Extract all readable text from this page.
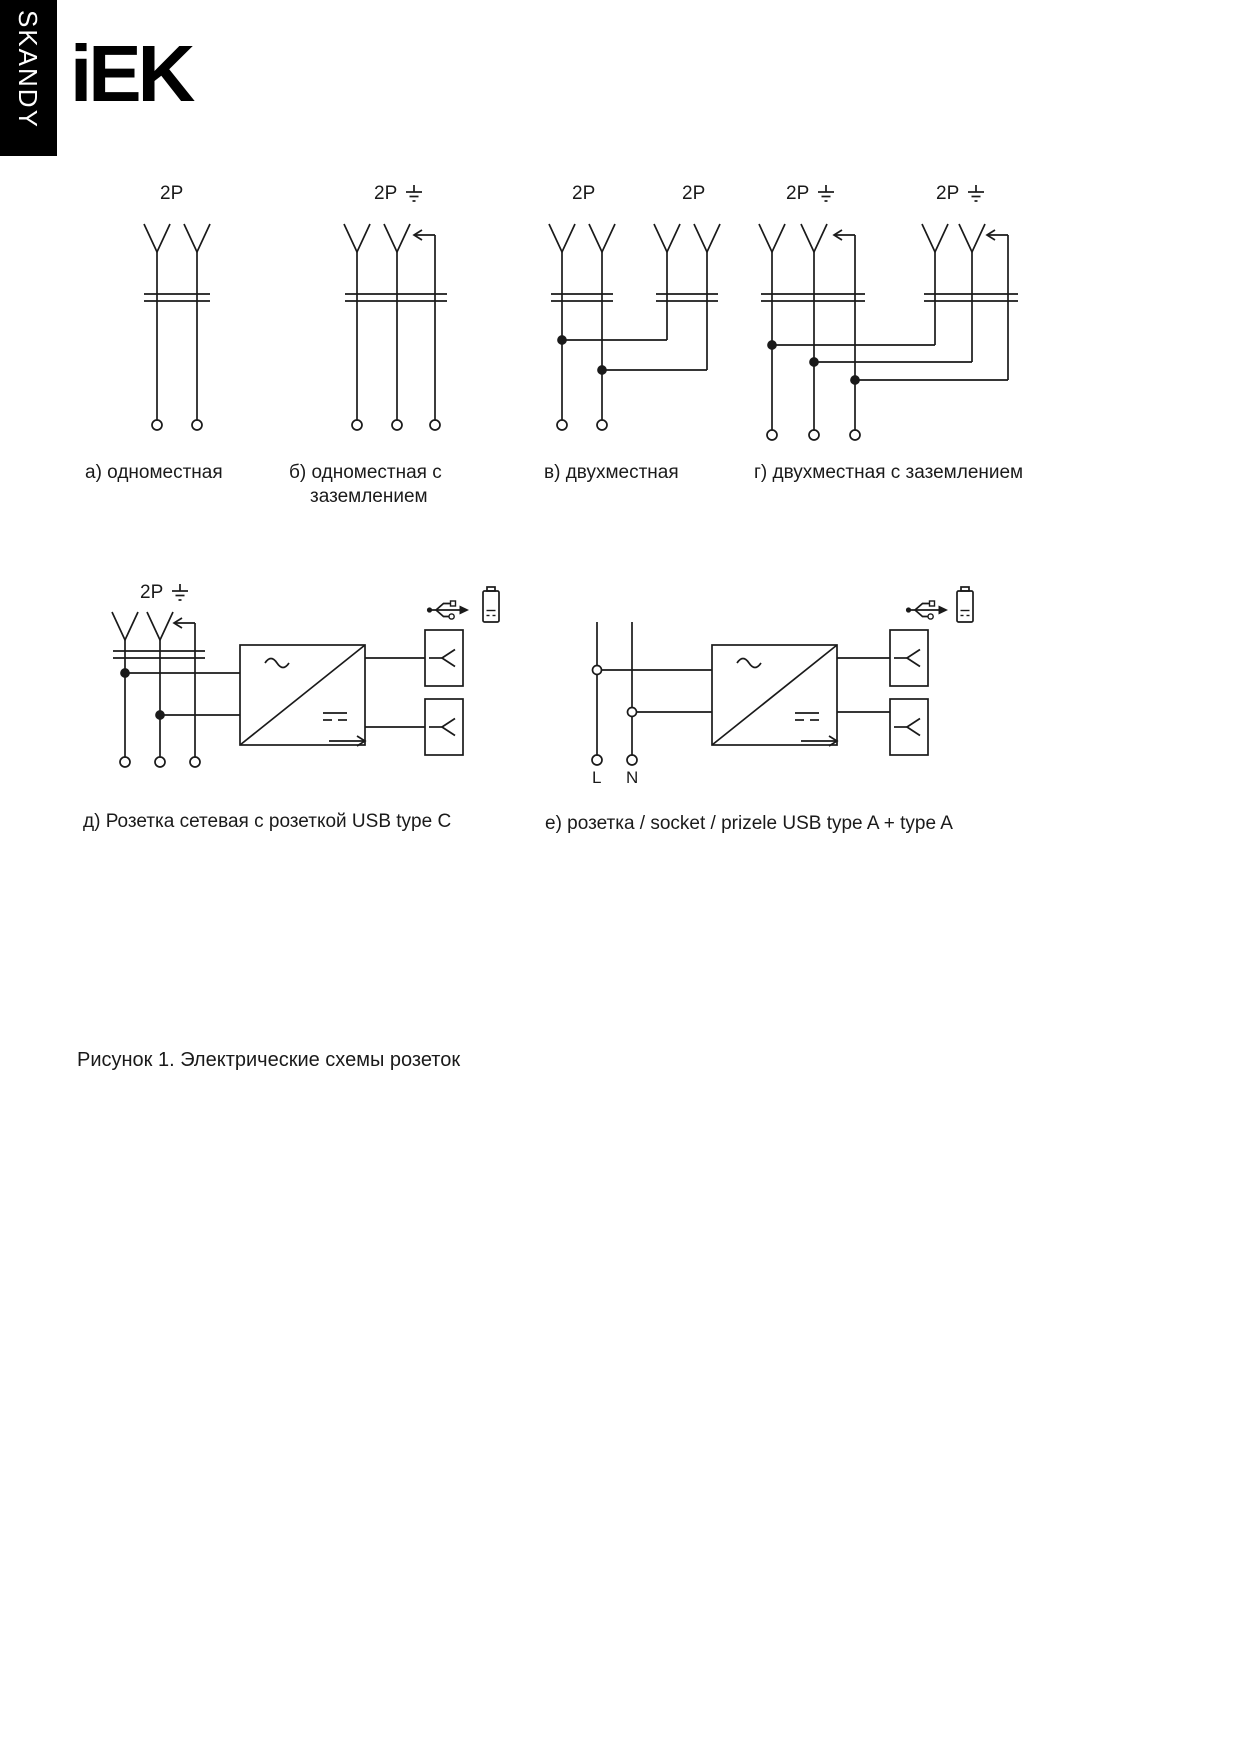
SKANDY iEK
2P
а) одноместная
2P
б) одноместная с заземлением
2P	2P
в) двухместная
2P	2P
г) двухместная с заземлением
2P
д) Розетка сетевая с розеткой USB type C
L N
е) розетка / socket / prizele USB type A + type A
Рисунок 1. Электрические схемы розеток
